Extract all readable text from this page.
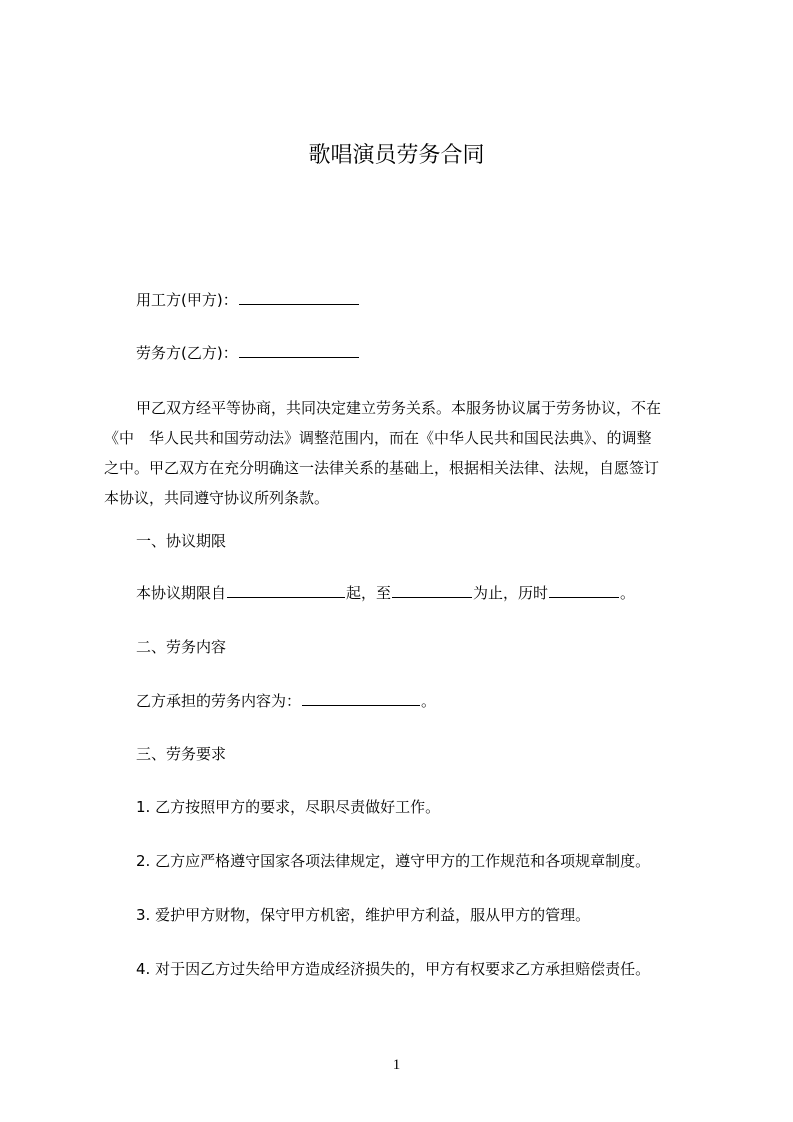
歌唱演员劳务合同
用工方(甲方)：
劳务方(乙方)：
甲乙双方经平等协商，共同决定建立劳务关系。本服务协议属于劳务协议，不在
《中　华人民共和国劳动法》调整范围内，而在《中华人民共和国民法典》、的调整
之中。甲乙双方在充分明确这一法律关系的基础上，根据相关法律、法规，自愿签订
本协议，共同遵守协议所列条款。
一、协议期限
本协议期限自	起，至	为止，历时	。
二、劳务内容
乙方承担的劳务内容为：	。
三、劳务要求
1. 乙方按照甲方的要求，尽职尽责做好工作。
2. 乙方应严格遵守国家各项法律规定，遵守甲方的工作规范和各项规章制度。
3. 爱护甲方财物，保守甲方机密，维护甲方利益，服从甲方的管理。
4. 对于因乙方过失给甲方造成经济损失的，甲方有权要求乙方承担赔偿责任。
1
